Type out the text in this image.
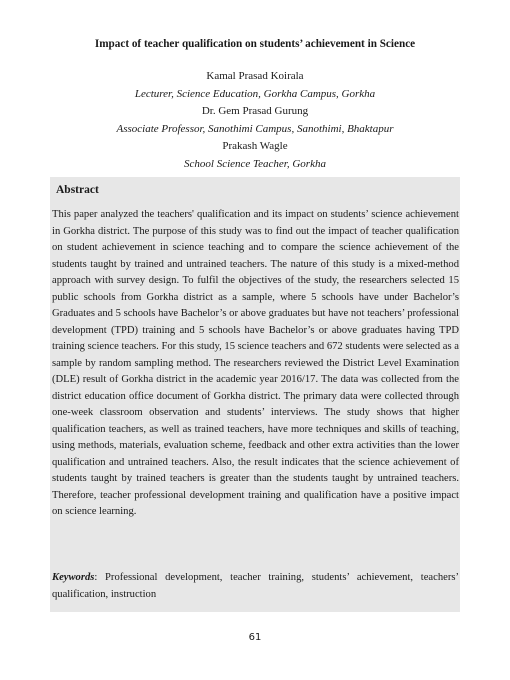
Impact of teacher qualification on students’ achievement in Science
Kamal Prasad Koirala
Lecturer, Science Education, Gorkha Campus, Gorkha
Dr. Gem Prasad Gurung
Associate Professor, Sanothimi Campus, Sanothimi, Bhaktapur
Prakash Wagle
School Science Teacher, Gorkha
Abstract
This paper analyzed the teachers' qualification and its impact on students’ science achievement in Gorkha district. The purpose of this study was to find out the impact of teacher qualification on student achievement in science teaching and to compare the science achievement of the students taught by trained and untrained teachers. The nature of this study is a mixed-method approach with survey design. To fulfil the objectives of the study, the researchers selected 15 public schools from Gorkha district as a sample, where 5 schools have under Bachelor’s Graduates and 5 schools have Bachelor’s or above graduates but have not teachers’ professional development (TPD) training and 5 schools have Bachelor’s or above graduates having TPD training science teachers. For this study, 15 science teachers and 672 students were selected as a sample by random sampling method. The researchers reviewed the District Level Examination (DLE) result of Gorkha district in the academic year 2016/17. The data was collected from the district education office document of Gorkha district. The primary data were collected through one-week classroom observation and students’ interviews. The study shows that higher qualification teachers, as well as trained teachers, have more techniques and skills of teaching, using methods, materials, evaluation scheme, feedback and other extra activities than the lower qualification and untrained teachers. Also, the result indicates that the science achievement of students taught by trained teachers is greater than the students taught by untrained teachers. Therefore, teacher professional development training and qualification have a positive impact on science learning.
Keywords: Professional development, teacher training, students’ achievement, teachers’ qualification, instruction
61
